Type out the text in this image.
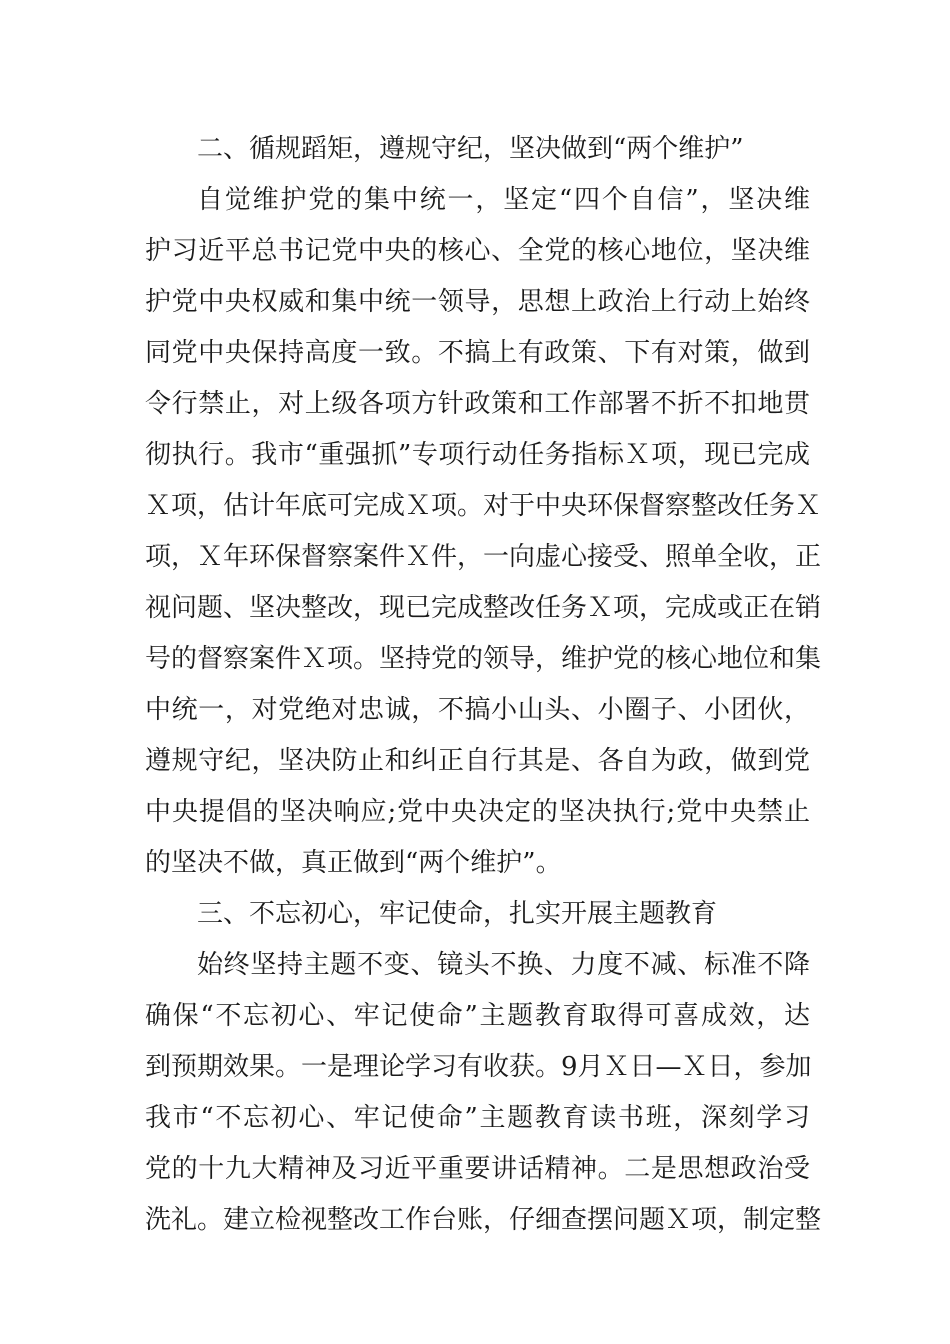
二、循规蹈矩，遵规守纪，坚决做到“两个维护”
自觉维护党的集中统一，坚定“四个自信”，坚决维
护习近平总书记党中央的核心、全党的核心地位，坚决维
护党中央权威和集中统一领导，思想上政治上行动上始终
同党中央保持高度一致。不搞上有政策、下有对策，做到
令行禁止，对上级各项方针政策和工作部署不折不扣地贯
彻执行。我市“重强抓”专项行动任务指标Ｘ项，现已完成
Ｘ项，估计年底可完成Ｘ项。对于中央环保督察整改任务Ｘ
项，Ｘ年环保督察案件Ｘ件，一向虚心接受、照单全收，正
视问题、坚决整改，现已完成整改任务Ｘ项，完成或正在销
号的督察案件Ｘ项。坚持党的领导，维护党的核心地位和集
中统一，对党绝对忠诚，不搞小山头、小圈子、小团伙，
遵规守纪，坚决防止和纠正自行其是、各自为政，做到党
中央提倡的坚决响应;党中央决定的坚决执行;党中央禁止
的坚决不做，真正做到“两个维护”。
三、不忘初心，牢记使命，扎实开展主题教育
始终坚持主题不变、镜头不换、力度不减、标准不降
确保“不忘初心、牢记使命”主题教育取得可喜成效，达
到预期效果。一是理论学习有收获。9月Ｘ日—Ｘ日，参加
我市“不忘初心、牢记使命”主题教育读书班，深刻学习
党的十九大精神及习近平重要讲话精神。二是思想政治受
洗礼。建立检视整改工作台账，仔细查摆问题Ｘ项，制定整
